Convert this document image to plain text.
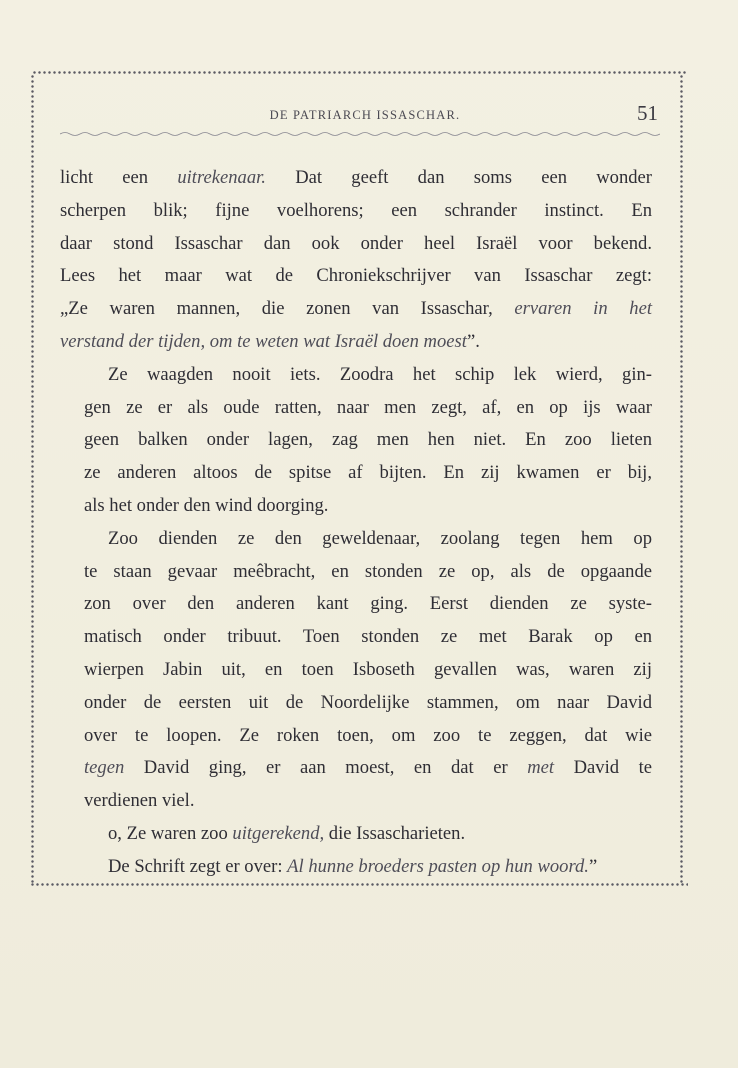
DE PATRIARCH ISSASCHAR.	51

licht een uitrekenaar. Dat geeft dan soms een wonder
scherpen blik; fijne voelhorens; een schrander instinct. En
daar stond Issaschar dan ook onder heel Israël voor bekend.
Lees het maar wat de Chroniekschrijver van Issaschar zegt:
„Ze waren mannen, die zonen van Issaschar, ervaren in het
verstand der tijden, om te weten wat Israël doen moest”.

Ze waagden nooit iets. Zoodra het schip lek wierd, gin-
gen ze er als oude ratten, naar men zegt, af, en op ijs waar
geen balken onder lagen, zag men hen niet. En zoo lieten
ze anderen altoos de spitse af bijten. En zij kwamen er bij,
als het onder den wind doorging.

Zoo dienden ze den geweldenaar, zoolang tegen hem op
te staan gevaar meêbracht, en stonden ze op, als de opgaande
zon over den anderen kant ging. Eerst dienden ze syste-
matisch onder tribuut. Toen stonden ze met Barak op en
wierpen Jabin uit, en toen Isboseth gevallen was, waren zij
onder de eersten uit de Noordelijke stammen, om naar David
over te loopen. Ze roken toen, om zoo te zeggen, dat wie
tegen David ging, er aan moest, en dat er met David te
verdienen viel.

o, Ze waren zoo uitgerekend, die Issascharieten.

De Schrift zegt er over: Al hunne broeders pasten op hun woord.”
